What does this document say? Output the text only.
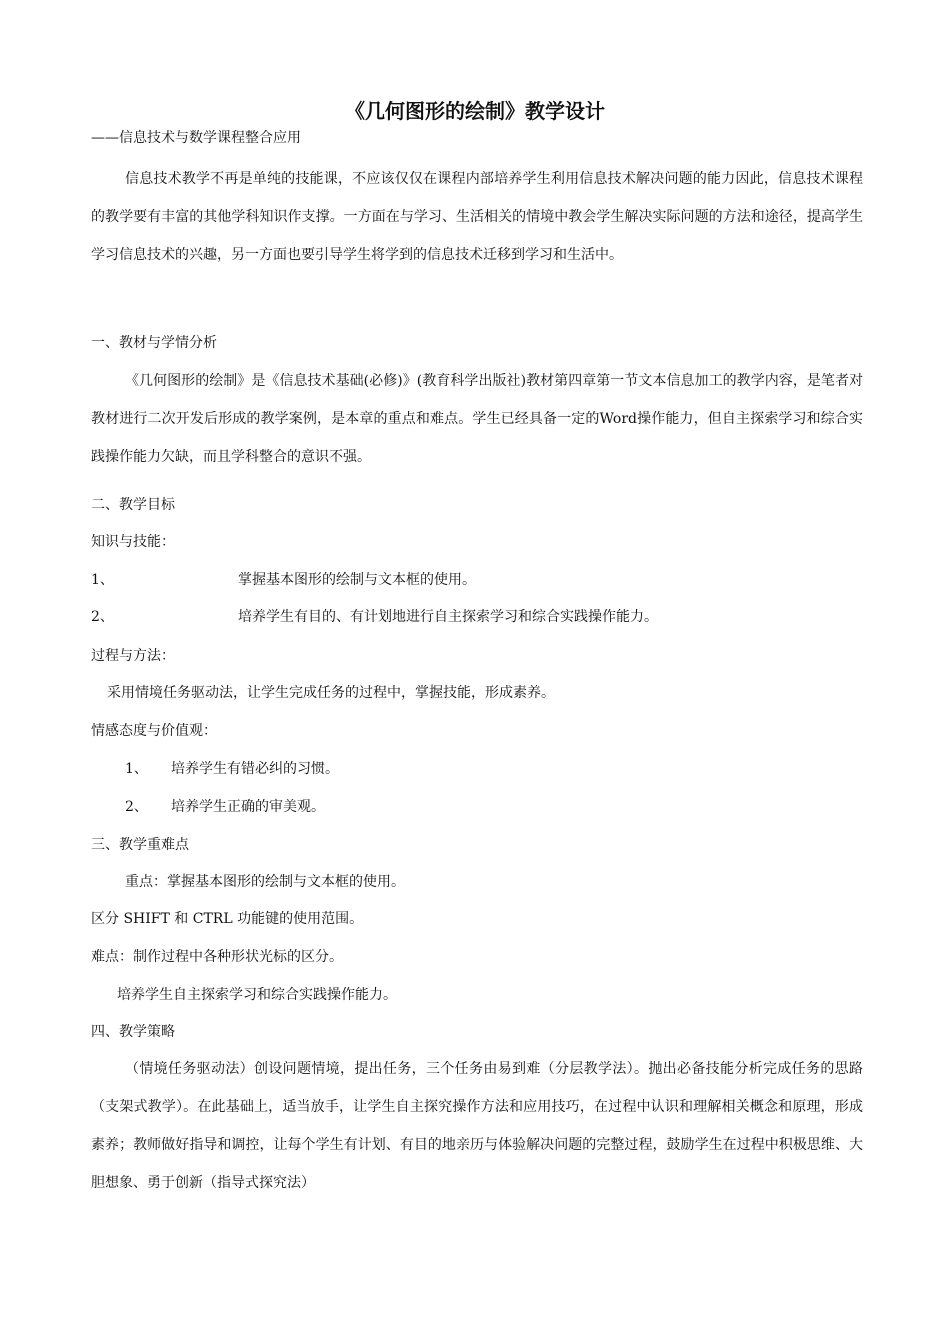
《几何图形的绘制》教学设计
——信息技术与数学课程整合应用

信息技术教学不再是单纯的技能课，不应该仅仅在课程内部培养学生利用信息技术解决问题的能力因此，信息技术课程的教学要有丰富的其他学科知识作支撑。一方面在与学习、生活相关的情境中教会学生解决实际问题的方法和途径，提高学生学习信息技术的兴趣，另一方面也要引导学生将学到的信息技术迁移到学习和生活中。

一、教材与学情分析

《几何图形的绘制》是《信息技术基础(必修)》(教育科学出版社)教材第四章第一节文本信息加工的教学内容，是笔者对教材进行二次开发后形成的教学案例，是本章的重点和难点。学生已经具备一定的Word操作能力，但自主探索学习和综合实践操作能力欠缺，而且学科整合的意识不强。

二、教学目标
知识与技能：
1、	掌握基本图形的绘制与文本框的使用。
2、	培养学生有目的、有计划地进行自主探索学习和综合实践操作能力。
过程与方法：
采用情境任务驱动法，让学生完成任务的过程中，掌握技能，形成素养。
情感态度与价值观：
1、 培养学生有错必纠的习惯。
2、 培养学生正确的审美观。
三、教学重难点
重点：掌握基本图形的绘制与文本框的使用。
区分 SHIFT 和 CTRL 功能键的使用范围。
难点：制作过程中各种形状光标的区分。
培养学生自主探索学习和综合实践操作能力。
四、教学策略

（情境任务驱动法）创设问题情境，提出任务，三个任务由易到难（分层教学法）。抛出必备技能分析完成任务的思路（支架式教学）。在此基础上，适当放手，让学生自主探究操作方法和应用技巧，在过程中认识和理解相关概念和原理，形成素养；教师做好指导和调控，让每个学生有计划、有目的地亲历与体验解决问题的完整过程，鼓励学生在过程中积极思维、大胆想象、勇于创新（指导式探究法）
